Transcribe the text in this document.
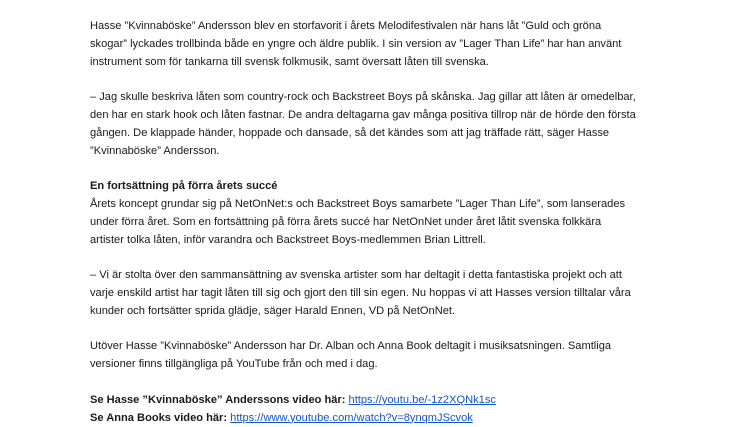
Hasse ”Kvinnaböske” Andersson blev en storfavorit i årets Melodifestivalen när hans låt ”Guld och gröna
skogar” lyckades trollbinda både en yngre och äldre publik. I sin version av ”Lager Than Life” har han använt
instrument som för tankarna till svensk folkmusik, samt översatt låten till svenska.

– Jag skulle beskriva låten som country-rock och Backstreet Boys på skånska. Jag gillar att låten är omedelbar,
den har en stark hook och låten fastnar. De andra deltagarna gav många positiva tillrop när de hörde den första
gången. De klappade händer, hoppade och dansade, så det kändes som att jag träffade rätt, säger Hasse
”Kvinnaböske” Andersson.

En fortsättning på förra årets succé

Årets koncept grundar sig på NetOnNet:s och Backstreet Boys samarbete ”Lager Than Life”, som lanserades
under förra året. Som en fortsättning på förra årets succé har NetOnNet under året låtit svenska folkkära
artister tolka låten, inför varandra och Backstreet Boys-medlemmen Brian Littrell.

– Vi är stolta över den sammansättning av svenska artister som har deltagit i detta fantastiska projekt och att
varje enskild artist har tagit låten till sig och gjort den till sin egen. Nu hoppas vi att Hasses version tilltalar våra
kunder och fortsätter sprida glädje, säger Harald Ennen, VD på NetOnNet.

Utöver Hasse ”Kvinnaböske” Andersson har Dr. Alban och Anna Book deltagit i musiksatsningen. Samtliga
versioner finns tillgängliga på YouTube från och med i dag.

Se Hasse ”Kvinnaböske” Anderssons video här: https://youtu.be/-1z2XQNk1sc

Se Anna Books video här: https://www.youtube.com/watch?v=8ynqmJScvok
